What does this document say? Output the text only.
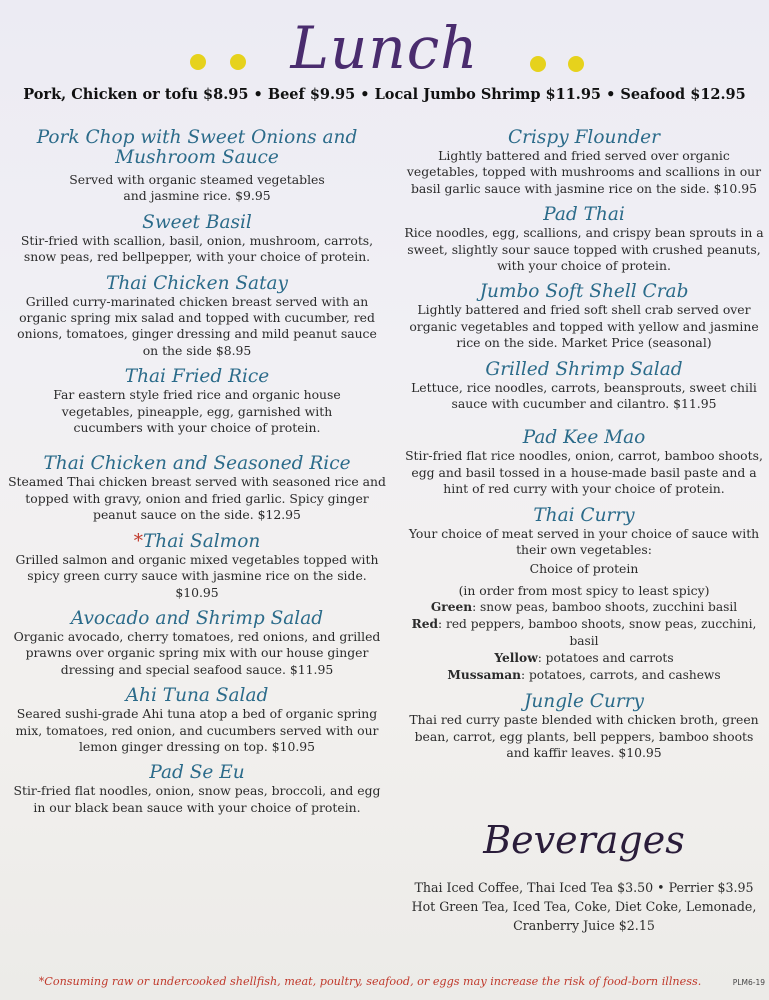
Lunch
Pork, Chicken or tofu $8.95 • Beef $9.95 • Local Jumbo Shrimp $11.95 • Seafood $12.95
Pork Chop with Sweet Onions and Mushroom Sauce
Served with organic steamed vegetables and jasmine rice. $9.95
Sweet Basil
Stir-fried with scallion, basil, onion, mushroom, carrots, snow peas, red bellpepper, with your choice of protein.
Thai Chicken Satay
Grilled curry-marinated chicken breast served with an organic spring mix salad and topped with cucumber, red onions, tomatoes, ginger dressing and mild peanut sauce on the side $8.95
Thai Fried Rice
Far eastern style fried rice and organic house vegetables, pineapple, egg, garnished with cucumbers with your choice of protein.
Thai Chicken and Seasoned Rice
Steamed Thai chicken breast served with seasoned rice and topped with gravy, onion and fried garlic. Spicy ginger peanut sauce on the side. $12.95
*Thai Salmon
Grilled salmon and organic mixed vegetables topped with spicy green curry sauce with jasmine rice on the side. $10.95
Avocado and Shrimp Salad
Organic avocado, cherry tomatoes, red onions, and grilled prawns over organic spring mix with our house ginger dressing and special seafood sauce. $11.95
Ahi Tuna Salad
Seared sushi-grade Ahi tuna atop a bed of organic spring mix, tomatoes, red onion, and cucumbers served with our lemon ginger dressing on top. $10.95
Pad Se Eu
Stir-fried flat noodles, onion, snow peas, broccoli, and egg in our black bean sauce with your choice of protein.
Crispy Flounder
Lightly battered and fried served over organic vegetables, topped with mushrooms and scallions in our basil garlic sauce with jasmine rice on the side. $10.95
Pad Thai
Rice noodles, egg, scallions, and crispy bean sprouts in a sweet, slightly sour sauce topped with crushed peanuts, with your choice of protein.
Jumbo Soft Shell Crab
Lightly battered and fried soft shell crab served over organic vegetables and topped with yellow and jasmine rice on the side. Market Price (seasonal)
Grilled Shrimp Salad
Lettuce, rice noodles, carrots, beansprouts, sweet chili sauce with cucumber and cilantro. $11.95
Pad Kee Mao
Stir-fried flat rice noodles, onion, carrot, bamboo shoots, egg and basil tossed in a house-made basil paste and a hint of red curry with your choice of protein.
Thai Curry
Your choice of meat served in your choice of sauce with their own vegetables:
Choice of protein
(in order from most spicy to least spicy)
Green: snow peas, bamboo shoots, zucchini basil
Red: red peppers, bamboo shoots, snow peas, zucchini, basil
Yellow: potatoes and carrots
Mussaman: potatoes, carrots, and cashews
Jungle Curry
Thai red curry paste blended with chicken broth, green bean, carrot, egg plants, bell peppers, bamboo shoots and kaffir leaves. $10.95
Beverages
Thai Iced Coffee, Thai Iced Tea $3.50 • Perrier $3.95
Hot Green Tea, Iced Tea, Coke, Diet Coke, Lemonade,
Cranberry Juice $2.15
*Consuming raw or undercooked shellfish, meat, poultry, seafood, or eggs may increase the risk of food-born illness.	PLM6-19
